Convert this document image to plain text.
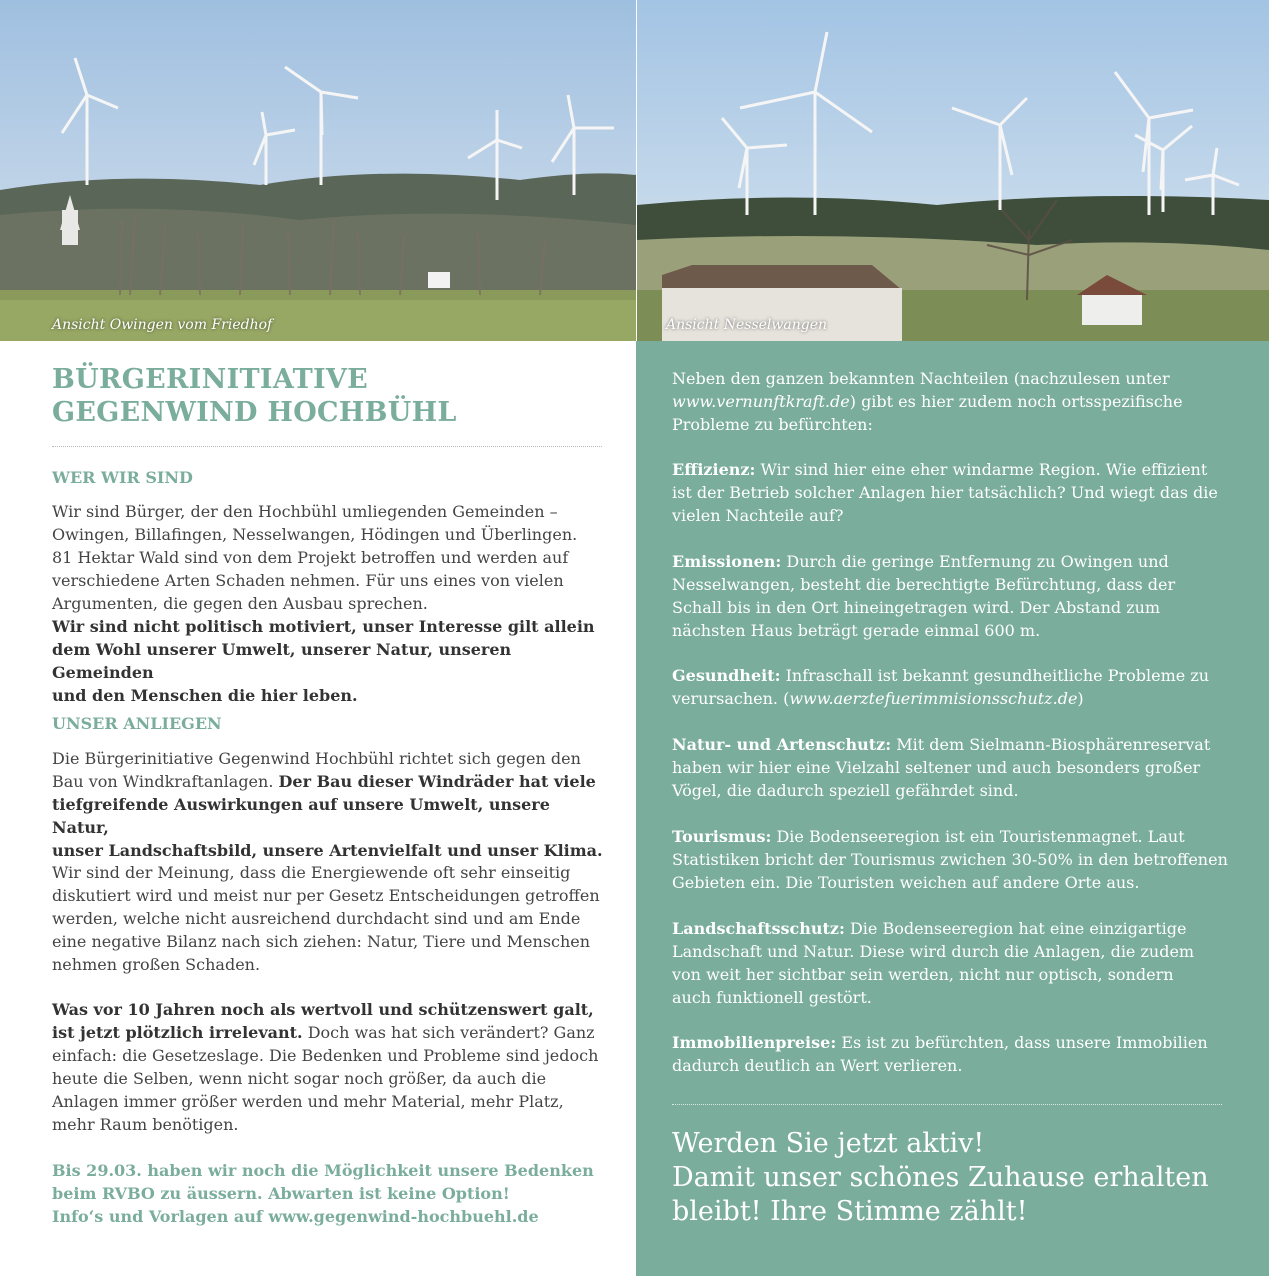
Ansicht Owingen vom Friedhof	Ansicht Nesselwangen
BÜRGERINITIATIVE
GEGENWIND HOCHBÜHL
WER WIR SIND
Wir sind Bürger, der den Hochbühl umliegenden Gemeinden –
Owingen, Billafingen, Nesselwangen, Hödingen und Überlingen.
81 Hektar Wald sind von dem Projekt betroffen und werden auf
verschiedene Arten Schaden nehmen. Für uns eines von vielen
Argumenten, die gegen den Ausbau sprechen.
Wir sind nicht politisch motiviert, unser Interesse gilt allein
dem Wohl unserer Umwelt, unserer Natur, unseren Gemeinden
und den Menschen die hier leben.
UNSER ANLIEGEN
Die Bürgerinitiative Gegenwind Hochbühl richtet sich gegen den
Bau von Windkraftanlagen. Der Bau dieser Windräder hat viele
tiefgreifende Auswirkungen auf unsere Umwelt, unsere Natur,
unser Landschaftsbild, unsere Artenvielfalt und unser Klima.
Wir sind der Meinung, dass die Energiewende oft sehr einseitig
diskutiert wird und meist nur per Gesetz Entscheidungen getroffen
werden, welche nicht ausreichend durchdacht sind und am Ende
eine negative Bilanz nach sich ziehen: Natur, Tiere und Menschen
nehmen großen Schaden.
Was vor 10 Jahren noch als wertvoll und schützenswert galt,
ist jetzt plötzlich irrelevant. Doch was hat sich verändert? Ganz
einfach: die Gesetzeslage. Die Bedenken und Probleme sind jedoch
heute die Selben, wenn nicht sogar noch größer, da auch die
Anlagen immer größer werden und mehr Material, mehr Platz,
mehr Raum benötigen.
Bis 29.03. haben wir noch die Möglichkeit unsere Bedenken
beim RVBO zu äussern. Abwarten ist keine Option!
Info‘s und Vorlagen auf www.gegenwind-hochbuehl.de
Neben den ganzen bekannten Nachteilen (nachzulesen unter
www.vernunftkraft.de) gibt es hier zudem noch ortsspezifische
Probleme zu befürchten:
Effizienz: Wir sind hier eine eher windarme Region. Wie effizient
ist der Betrieb solcher Anlagen hier tatsächlich? Und wiegt das die
vielen Nachteile auf?
Emissionen: Durch die geringe Entfernung zu Owingen und
Nesselwangen, besteht die berechtigte Befürchtung, dass der
Schall bis in den Ort hineingetragen wird. Der Abstand zum
nächsten Haus beträgt gerade einmal 600 m.
Gesundheit: Infraschall ist bekannt gesundheitliche Probleme zu
verursachen. (www.aerztefuerimmisionsschutz.de)
Natur- und Artenschutz: Mit dem Sielmann-Biosphärenreservat
haben wir hier eine Vielzahl seltener und auch besonders großer
Vögel, die dadurch speziell gefährdet sind.
Tourismus: Die Bodenseeregion ist ein Touristenmagnet. Laut
Statistiken bricht der Tourismus zwichen 30-50% in den betroffenen
Gebieten ein. Die Touristen weichen auf andere Orte aus.
Landschaftsschutz: Die Bodenseeregion hat eine einzigartige
Landschaft und Natur. Diese wird durch die Anlagen, die zudem
von weit her sichtbar sein werden, nicht nur optisch, sondern
auch funktionell gestört.
Immobilienpreise: Es ist zu befürchten, dass unsere Immobilien
dadurch deutlich an Wert verlieren.
Werden Sie jetzt aktiv!
Damit unser schönes Zuhause erhalten
bleibt! Ihre Stimme zählt!
